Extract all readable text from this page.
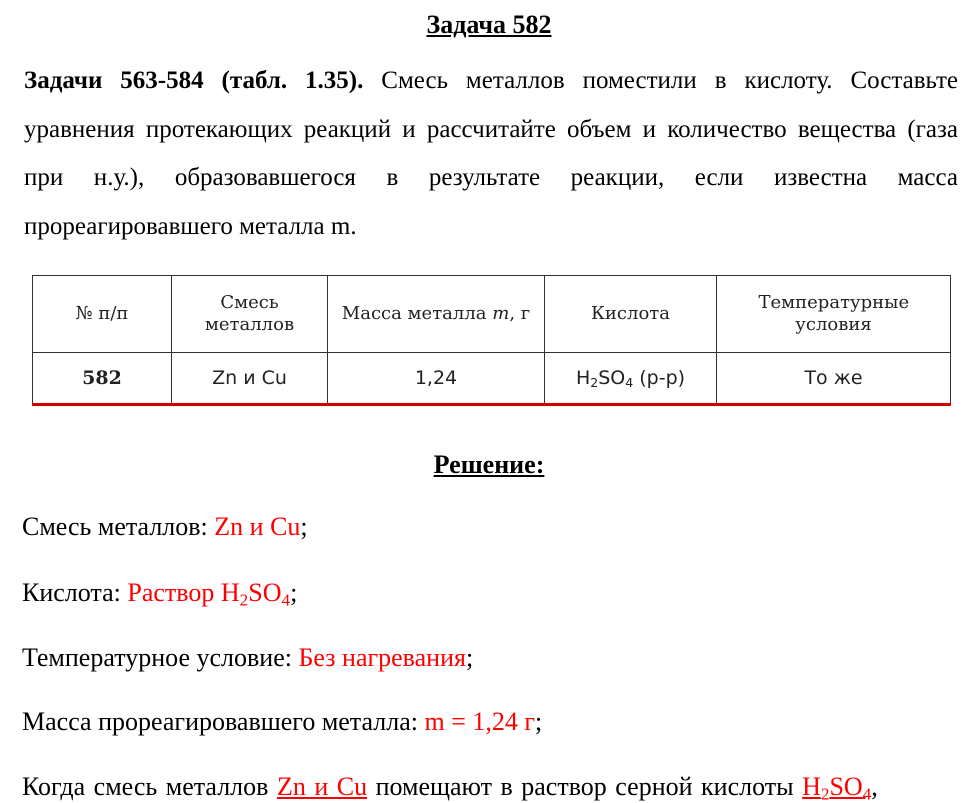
Задача 582
Задачи 563-584 (табл. 1.35). Смесь металлов поместили в кислоту. Составьте уравнения протекающих реакций и рассчитайте объем и количество вещества (газа при н.у.), образовавшегося в результате реакции, если известна масса прореагировавшего металла m.
№ п/п	Смесь металлов	Масса металла m, г	Кислота	Температурные условия
582	Zn и Cu	1,24	$H_2SO_4$ (р-р)	То же
Решение:
Смесь металлов: Zn и Cu;
Кислота: Раствор $H_2SO_4$;
Температурное условие: Без нагревания;
Масса прореагировавшего металла: m = 1,24 г;
Когда смесь металлов Zn и Cu помещают в раствор серной кислоты $H_2SO_4$,
